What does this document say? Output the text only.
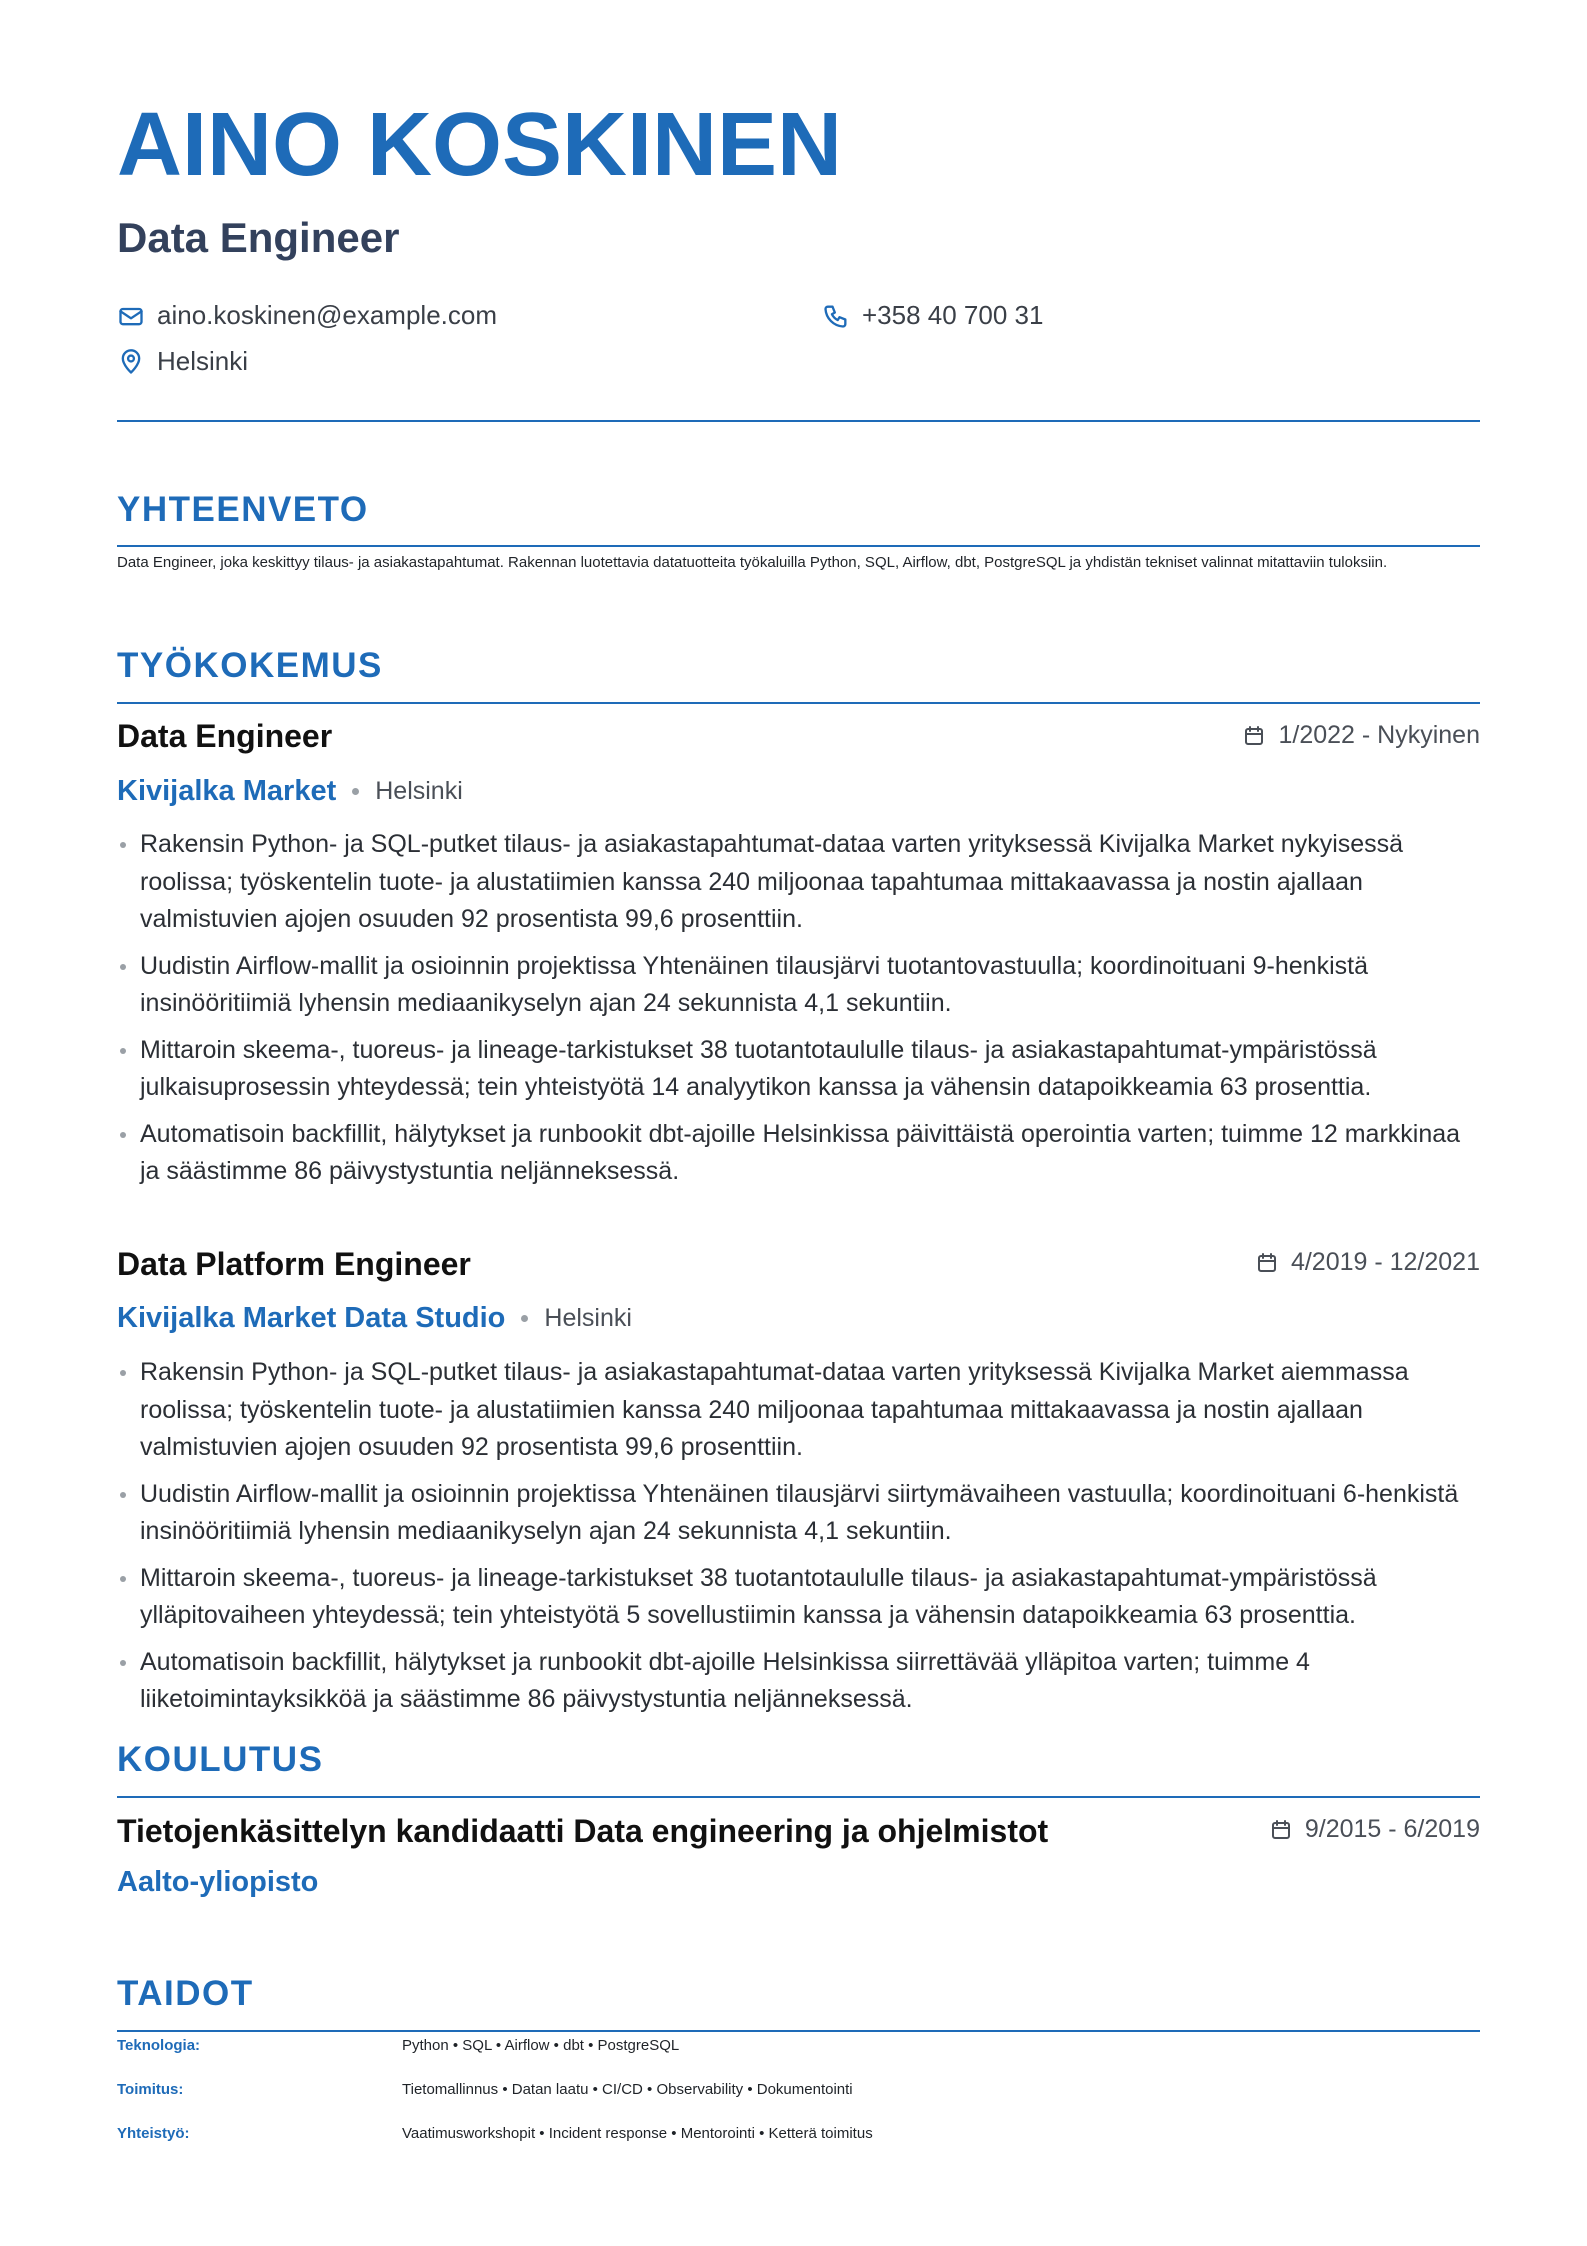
AINO KOSKINEN
Data Engineer
aino.koskinen@example.com	+358 40 700 31
Helsinki
YHTEENVETO
Data Engineer, joka keskittyy tilaus- ja asiakastapahtumat. Rakennan luotettavia datatuotteita työkaluilla Python, SQL, Airflow, dbt, PostgreSQL ja yhdistän tekniset valinnat mitattaviin tuloksiin.
TYÖKOKEMUS
Data Engineer	1/2022 - Nykyinen
Kivijalka Market Helsinki
Rakensin Python- ja SQL-putket tilaus- ja asiakastapahtumat-dataa varten yrityksessä Kivijalka Market nykyisessä roolissa; työskentelin tuote- ja alustatiimien kanssa 240 miljoonaa tapahtumaa mittakaavassa ja nostin ajallaan valmistuvien ajojen osuuden 92 prosentista 99,6 prosenttiin.
Uudistin Airflow-mallit ja osioinnin projektissa Yhtenäinen tilausjärvi tuotantovastuulla; koordinoituani 9-henkistä insinööritiimiä lyhensin mediaanikyselyn ajan 24 sekunnista 4,1 sekuntiin.
Mittaroin skeema-, tuoreus- ja lineage-tarkistukset 38 tuotantotaululle tilaus- ja asiakastapahtumat-ympäristössä julkaisuprosessin yhteydessä; tein yhteistyötä 14 analyytikon kanssa ja vähensin datapoikkeamia 63 prosenttia.
Automatisoin backfillit, hälytykset ja runbookit dbt-ajoille Helsinkissa päivittäistä operointia varten; tuimme 12 markkinaa ja säästimme 86 päivystystuntia neljänneksessä.
Data Platform Engineer	4/2019 - 12/2021
Kivijalka Market Data Studio Helsinki
Rakensin Python- ja SQL-putket tilaus- ja asiakastapahtumat-dataa varten yrityksessä Kivijalka Market aiemmassa roolissa; työskentelin tuote- ja alustatiimien kanssa 240 miljoonaa tapahtumaa mittakaavassa ja nostin ajallaan valmistuvien ajojen osuuden 92 prosentista 99,6 prosenttiin.
Uudistin Airflow-mallit ja osioinnin projektissa Yhtenäinen tilausjärvi siirtymävaiheen vastuulla; koordinoituani 6-henkistä insinööritiimiä lyhensin mediaanikyselyn ajan 24 sekunnista 4,1 sekuntiin.
Mittaroin skeema-, tuoreus- ja lineage-tarkistukset 38 tuotantotaululle tilaus- ja asiakastapahtumat-ympäristössä ylläpitovaiheen yhteydessä; tein yhteistyötä 5 sovellustiimin kanssa ja vähensin datapoikkeamia 63 prosenttia.
Automatisoin backfillit, hälytykset ja runbookit dbt-ajoille Helsinkissa siirrettävää ylläpitoa varten; tuimme 4 liiketoimintayksikköä ja säästimme 86 päivystystuntia neljänneksessä.
KOULUTUS
Tietojenkäsittelyn kandidaatti Data engineering ja ohjelmistot	9/2015 - 6/2019
Aalto-yliopisto
TAIDOT
Teknologia:	Python • SQL • Airflow • dbt • PostgreSQL
Toimitus:	Tietomallinnus • Datan laatu • CI/CD • Observability • Dokumentointi
Yhteistyö:	Vaatimusworkshopit • Incident response • Mentorointi • Ketterä toimitus
